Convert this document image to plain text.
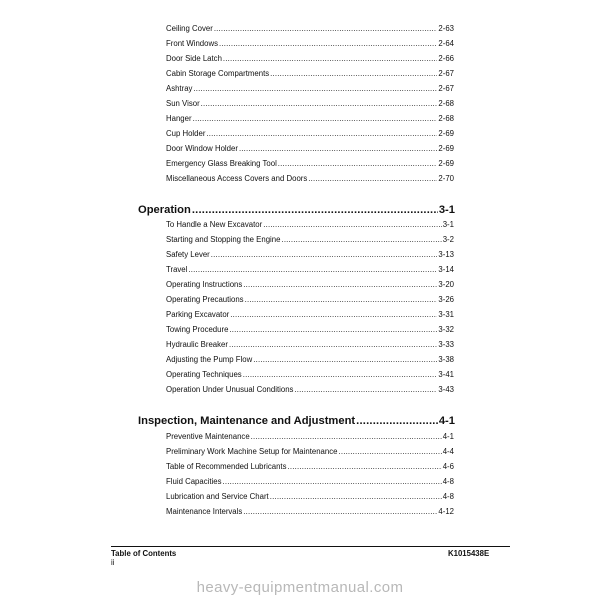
Ceiling Cover .....	2-63
Front Windows .....	2-64
Door Side Latch .....	2-66
Cabin Storage Compartments .....	2-67
Ashtray .....	2-67
Sun Visor .....	2-68
Hanger .....	2-68
Cup Holder .....	2-69
Door Window Holder .....	2-69
Emergency Glass Breaking Tool .....	2-69
Miscellaneous Access Covers and Doors .....	2-70
Operation .....	3-1
To Handle a New Excavator .....	3-1
Starting and Stopping the Engine .....	3-2
Safety Lever .....	3-13
Travel .....	3-14
Operating Instructions .....	3-20
Operating Precautions .....	3-26
Parking Excavator .....	3-31
Towing Procedure .....	3-32
Hydraulic Breaker .....	3-33
Adjusting the Pump Flow .....	3-38
Operating Techniques .....	3-41
Operation Under Unusual Conditions .....	3-43
Inspection, Maintenance and Adjustment .....	4-1
Preventive Maintenance .....	4-1
Preliminary Work Machine Setup for Maintenance .....	4-4
Table of Recommended Lubricants .....	4-6
Fluid Capacities .....	4-8
Lubrication and Service Chart .....	4-8
Maintenance Intervals .....	4-12
Table of Contents	K1015438E
ii
heavy-equipmentmanual.com
